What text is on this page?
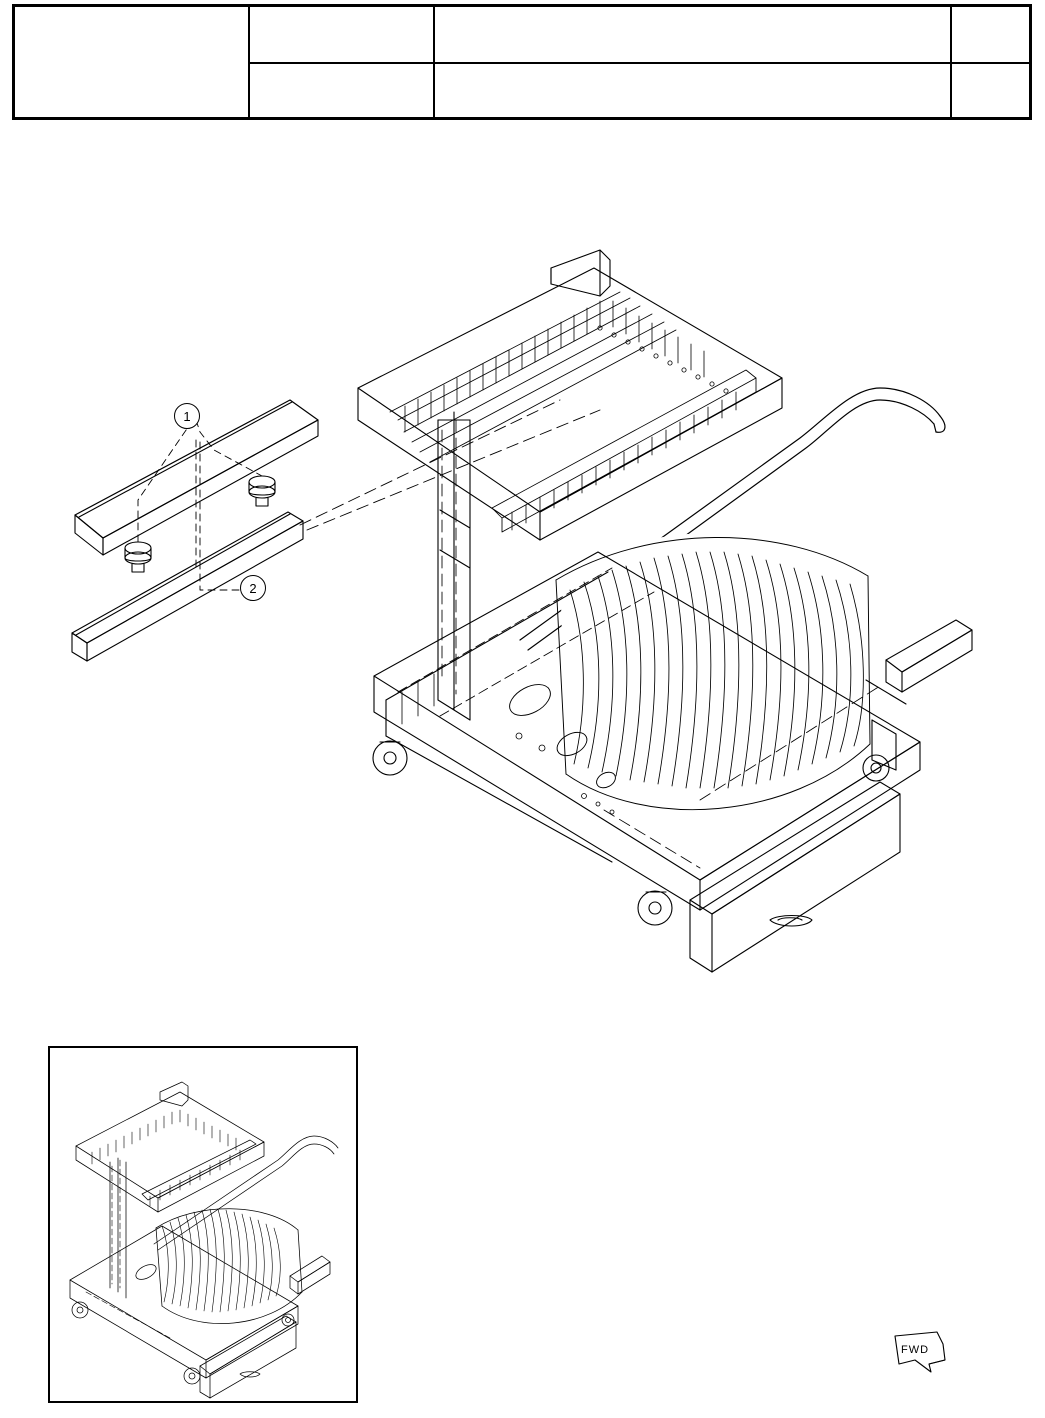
1
2
FWD
